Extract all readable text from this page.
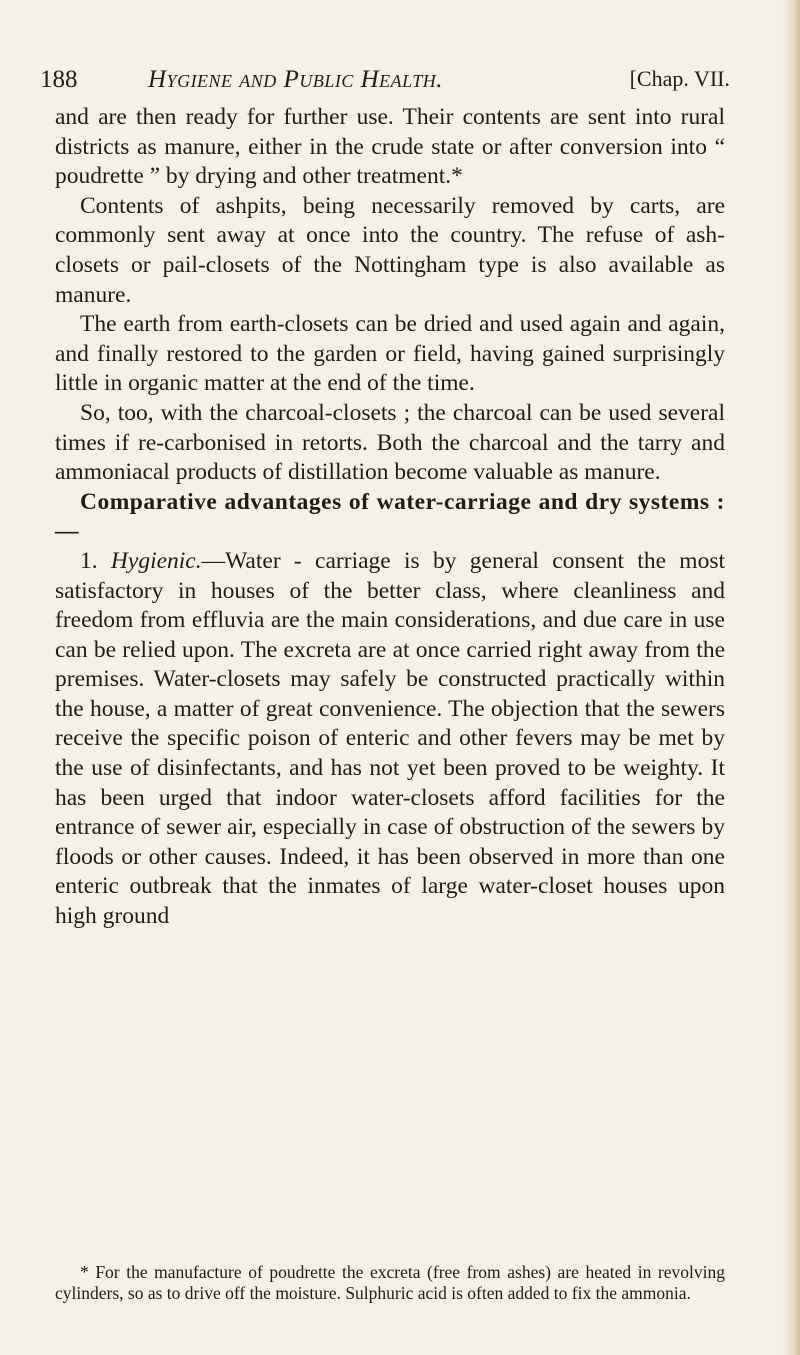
188	Hygiene and Public Health.	[Chap. VII.

and are then ready for further use. Their contents are sent into rural districts as manure, either in the crude state or after conversion into “ poudrette ” by drying and other treatment.*

Contents of ashpits, being necessarily removed by carts, are commonly sent away at once into the country. The refuse of ash-closets or pail-closets of the Nottingham type is also available as manure.

The earth from earth-closets can be dried and used again and again, and finally restored to the garden or field, having gained surprisingly little in organic matter at the end of the time.

So, too, with the charcoal-closets ; the charcoal can be used several times if re-carbonised in retorts. Both the charcoal and the tarry and ammoniacal products of distillation become valuable as manure.

Comparative advantages of water-carriage and dry systems :—

1. Hygienic.—Water - carriage is by general consent the most satisfactory in houses of the better class, where cleanliness and freedom from effluvia are the main considerations, and due care in use can be relied upon. The excreta are at once carried right away from the premises. Water-closets may safely be constructed practically within the house, a matter of great convenience. The objection that the sewers receive the specific poison of enteric and other fevers may be met by the use of disinfectants, and has not yet been proved to be weighty. It has been urged that indoor water-closets afford facilities for the entrance of sewer air, especially in case of obstruction of the sewers by floods or other causes. Indeed, it has been observed in more than one enteric outbreak that the inmates of large water-closet houses upon high ground

* For the manufacture of poudrette the excreta (free from ashes) are heated in revolving cylinders, so as to drive off the moisture. Sulphuric acid is often added to fix the ammonia.
